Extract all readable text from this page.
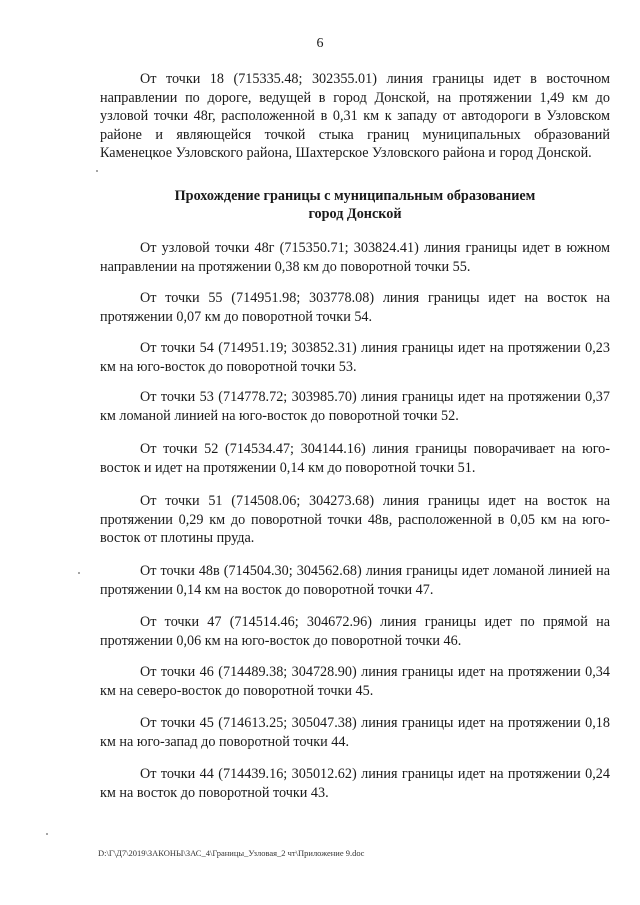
6

От точки 18 (715335.48; 302355.01) линия границы идет в восточном направлении по дороге, ведущей в город Донской, на протяжении 1,49 км до узловой точки 48г, расположенной в 0,31 км к западу от автодороги в Узловском районе и являющейся точкой стыка границ муниципальных образований Каменецкое Узловского района, Шахтерское Узловского района и город Донской.

Прохождение границы с муниципальным образованием
город Донской

От узловой точки 48г (715350.71; 303824.41) линия границы идет в южном направлении на протяжении 0,38 км до поворотной точки 55.

От точки 55 (714951.98; 303778.08) линия границы идет на восток на протяжении 0,07 км до поворотной точки 54.

От точки 54 (714951.19; 303852.31) линия границы идет на протяжении 0,23 км на юго-восток до поворотной точки 53.

От точки 53 (714778.72; 303985.70) линия границы идет на протяжении 0,37 км ломаной линией на юго-восток до поворотной точки 52.

От точки 52 (714534.47; 304144.16) линия границы поворачивает на юго-восток и идет на протяжении 0,14 км до поворотной точки 51.

От точки 51 (714508.06; 304273.68) линия границы идет на восток на протяжении 0,29 км до поворотной точки 48в, расположенной в 0,05 км на юго-восток от плотины пруда.

От точки 48в (714504.30; 304562.68) линия границы идет ломаной линией на протяжении 0,14 км на восток до поворотной точки 47.

От точки 47 (714514.46; 304672.96) линия границы идет по прямой на протяжении 0,06 км на юго-восток до поворотной точки 46.

От точки 46 (714489.38; 304728.90) линия границы идет на протяжении 0,34 км на северо-восток до поворотной точки 45.

От точки 45 (714613.25; 305047.38) линия границы идет на протяжении 0,18 км на юго-запад до поворотной точки 44.

От точки 44 (714439.16; 305012.62) линия границы идет на протяжении 0,24 км на восток до поворотной точки 43.

D:\Г\Д7\2019\ЗАКОНЫ\ЗАС_4\Границы_Узловая_2 чт\Приложение 9.doc
